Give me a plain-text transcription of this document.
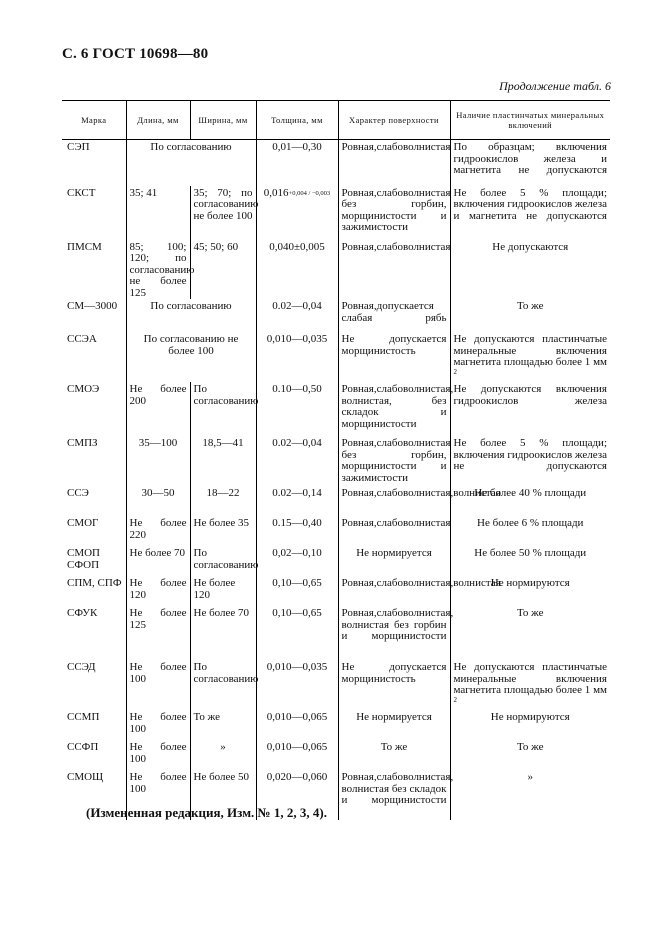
С. 6 ГОСТ 10698—80
Продолжение табл. 6
Марка	Длина, мм	Ширина, мм	Толщина, мм	Характер поверхности	Наличие пластинчатых минеральных включений
СЭП	По согласованию		0,01—0,30	Ровная,слабоволнистая	По образцам; включения гидроокислов железа и магнетита не допускаются
СКСТ	35; 41	35; 70; по согласованию не более 100	0,016+0,004 / −0,003	Ровная,слабоволнистая без горбин, морщинистости и зажимистости	Не более 5 % площади; включения гидроокислов железа и магнетита не допускаются
ПМСМ	85; 100; 120; по согласованию не более 125	45; 50; 60	0,040±0,005	Ровная,слабоволнистая	Не допускаются
СМ—3000	По согласованию		0.02—0,04	Ровная,допускается слабая рябь	То же
ССЭА	По согласованию не более 100		0,010—0,035	Не допускается морщинистость	Не допускаются пластинчатые минеральные включения магнетита площадью более 1 мм2
СМОЭ	Не более 200	По согласованию	0.10—0,50	Ровная,слабоволнистая, волнистая, без складок и морщинистости	Не допускаются включения гидроокислов железа
СМПЗ	35—100	18,5—41	0.02—0,04	Ровная,слабоволнистая без горбин, морщинистости и зажимистости	Не более 5 % площади; включения гидроокислов железа не допускаются
ССЭ	30—50	18—22	0.02—0,14	Ровная,слабоволнистая,волнистая	Не более 40 % площади
СМОГ	Не более 220	Не более 35	0.15—0,40	Ровная,слабоволнистая	Не более 6 % площади
СМОП СФОП	Не более 70	По согласованию	0,02—0,10	Не нормируется	Не более 50 % площади
СПМ, СПФ	Не более 120	Не более 120	0,10—0,65	Ровная,слабоволнистая,волнистая	Не нормируются
СФУК	Не более 125	Не более 70	0,10—0,65	Ровная,слабоволнистая, волнистая без горбин и морщинистости	То же
ССЭД	Не более 100	По согласованию	0,010—0,035	Не допускается морщинистость	Не допускаются пластинчатые минеральные включения магнетита площадью более 1 мм2
ССМП	Не более 100	То же	0,010—0,065	Не нормируется	Не нормируются
ССФП	Не более 100	»	0,010—0,065	То же	То же
СМОЩ	Не более 100	Не более 50	0,020—0,060	Ровная,слабоволнистая, волнистая без складок и морщинистости	»
(Измененная редакция, Изм. № 1, 2, 3, 4).
